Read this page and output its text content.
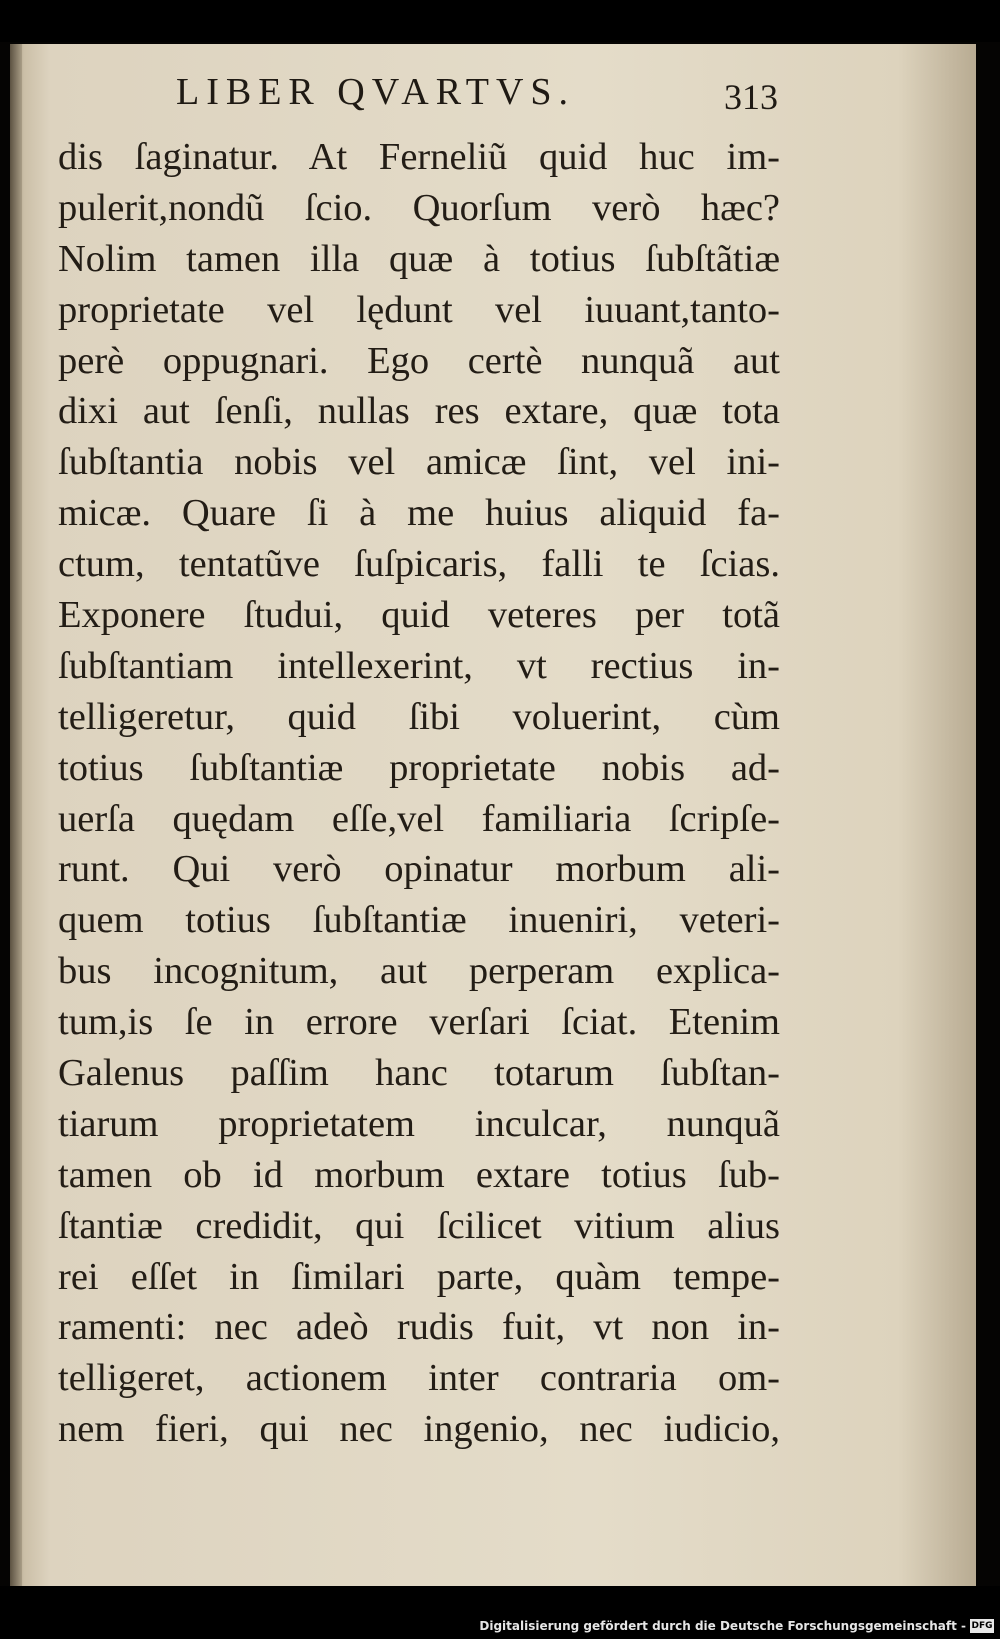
LIBER QVARTVS.	313
dis ſaginatur. At Ferneliũ quid huc im-
pulerit,nondũ ſcio. Quorſum verò hæc?
Nolim tamen illa quæ à totius ſubſtãtiæ
proprietate vel lędunt vel iuuant,tanto-
perè oppugnari. Ego certè nunquã aut
dixi aut ſenſi, nullas res extare, quæ tota
ſubſtantia nobis vel amicæ ſint, vel ini-
micæ. Quare ſi à me huius aliquid fa-
ctum, tentatũve ſuſpicaris, falli te ſcias.
Exponere ſtudui, quid veteres per totã
ſubſtantiam intellexerint, vt rectius in-
telligeretur, quid ſibi voluerint, cùm
totius ſubſtantiæ proprietate nobis ad-
uerſa quędam eſſe,vel familiaria ſcripſe-
runt. Qui verò opinatur morbum ali-
quem totius ſubſtantiæ inueniri, veteri-
bus incognitum, aut perperam explica-
tum,is ſe in errore verſari ſciat. Etenim
Galenus paſſim hanc totarum ſubſtan-
tiarum proprietatem inculcar, nunquã
tamen ob id morbum extare totius ſub-
ſtantiæ credidit, qui ſcilicet vitium alius
rei eſſet in ſimilari parte, quàm tempe-
ramenti: nec adeò rudis fuit, vt non in-
telligeret, actionem inter contraria om-
nem fieri, qui nec ingenio, nec iudicio,
Digitalisierung gefördert durch die Deutsche Forschungsgemeinschaft - DFG
